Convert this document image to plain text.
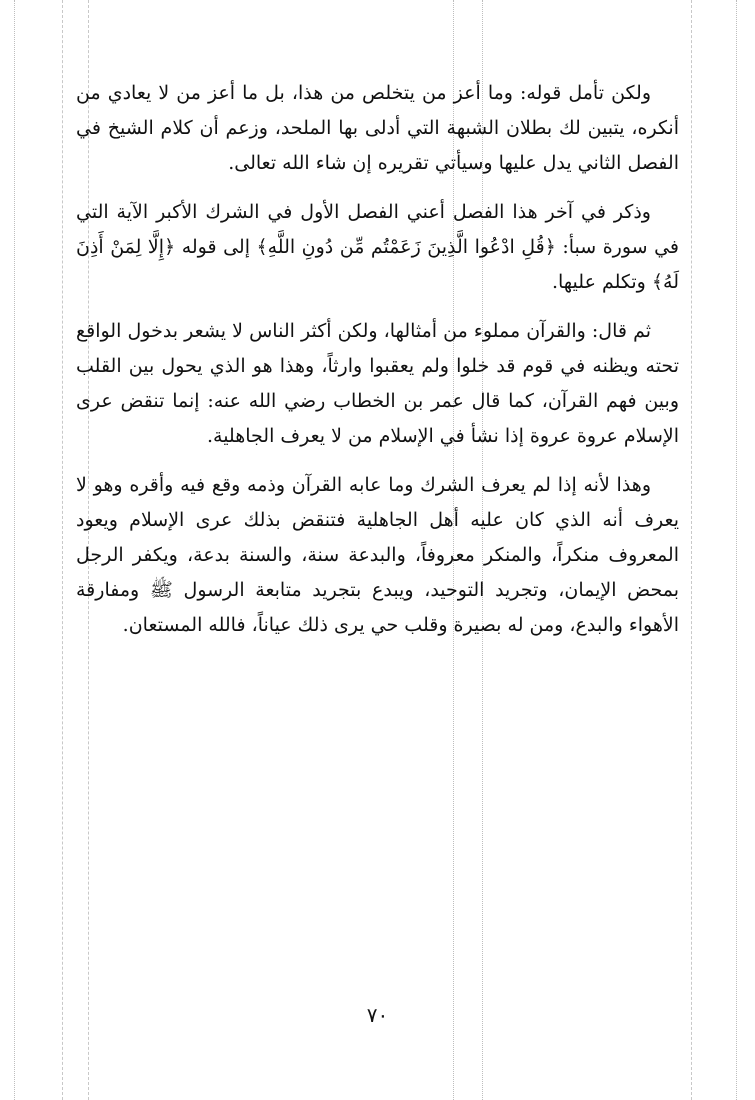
ولكن تأمل قوله: وما أعز من يتخلص من هذا، بل ما أعز من لا يعادي من أنكره، يتبين لك بطلان الشبهة التي أدلى بها الملحد، وزعم أن كلام الشيخ في الفصل الثاني يدل عليها وسيأتي تقريره إن شاء الله تعالى.

وذكر في آخر هذا الفصل أعني الفصل الأول في الشرك الأكبر الآية التي في سورة سبأ: ﴿قُلِ ادْعُوا الَّذِينَ زَعَمْتُم مِّن دُونِ اللَّهِ﴾ إلى قوله ﴿إِلَّا لِمَنْ أَذِنَ لَهُ﴾ وتكلم عليها.

ثم قال: والقرآن مملوء من أمثالها، ولكن أكثر الناس لا يشعر بدخول الواقع تحته ويظنه في قوم قد خلوا ولم يعقبوا وارثاً، وهذا هو الذي يحول بين القلب وبين فهم القرآن، كما قال عمر بن الخطاب رضي الله عنه: إنما تنقض عرى الإسلام عروة عروة إذا نشأ في الإسلام من لا يعرف الجاهلية.

وهذا لأنه إذا لم يعرف الشرك وما عابه القرآن وذمه وقع فيه وأقره وهو لا يعرف أنه الذي كان عليه أهل الجاهلية فتنقض بذلك عرى الإسلام ويعود المعروف منكراً، والمنكر معروفاً، والبدعة سنة، والسنة بدعة، ويكفر الرجل بمحض الإيمان، وتجريد التوحيد، ويبدع بتجريد متابعة الرسول ﷺ ومفارقة الأهواء والبدع، ومن له بصيرة وقلب حي يرى ذلك عياناً، فالله المستعان.

٧٠
